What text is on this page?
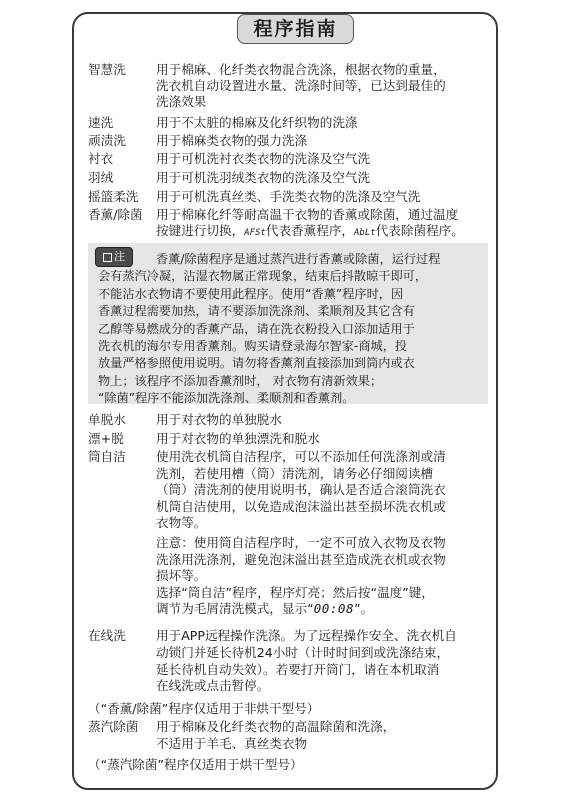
程序指南
智慧洗 用于棉麻、化纤类衣物混合洗涤，根据衣物的重量，
洗衣机自动设置进水量、洗涤时间等，已达到最佳的
洗涤效果
速洗	用于不太脏的棉麻及化纤织物的洗涤
顽渍洗 用于棉麻类衣物的强力洗涤
衬衣	用于可机洗衬衣类衣物的洗涤及空气洗
羽绒	用于可机洗羽绒类衣物的洗涤及空气洗
摇篮柔洗 用于可机洗真丝类、手洗类衣物的洗涤及空气洗
香薰/除菌 用于棉麻化纤等耐高温干衣物的香薰或除菌，通过温度
按键进行切换，AFSt代表香薰程序，AbLt代表除菌程序。
注	香薰/除菌程序是通过蒸汽进行香薰或除菌，运行过程
会有蒸汽冷凝，沾湿衣物属正常现象，结束后抖散晾干即可，
不能沾水衣物请不要使用此程序。使用“香薰”程序时，因
香薰过程需要加热，请不要添加洗涤剂、柔顺剂及其它含有
乙醇等易燃成分的香薰产品，请在洗衣粉投入口添加适用于
洗衣机的海尔专用香薰剂。购买请登录海尔智家-商城，投
放量严格参照使用说明。请勿将香薰剂直接添加到筒内或衣
物上；该程序不添加香薰剂时， 对衣物有清新效果；
“除菌”程序不能添加洗涤剂、柔顺剂和香薰剂。
单脱水 用于对衣物的单独脱水
漂+脱	用于对衣物的单独漂洗和脱水
筒自洁 使用洗衣机筒自洁程序，可以不添加任何洗涤剂或清
洗剂，若使用槽（筒）清洗剂，请务必仔细阅读槽
（筒）清洗剂的使用说明书，确认是否适合滚筒洗衣
机筒自洁使用，以免造成泡沫溢出甚至损坏洗衣机或
衣物等。
注意：使用筒自洁程序时，一定不可放入衣物及衣物
洗涤用洗涤剂，避免泡沫溢出甚至造成洗衣机或衣物
损坏等。
选择“筒自洁”程序，程序灯亮；然后按“温度”键，
调节为毛屑清洗模式，显示“00:08”。
在线洗 用于APP远程操作洗涤。为了远程操作安全、洗衣机自
动锁门并延长待机24小时（计时时间到或洗涤结束，
延长待机自动失效）。若要打开筒门，请在本机取消
在线洗或点击暂停。
（“香薰/除菌”程序仅适用于非烘干型号）
蒸汽除菌 用于棉麻及化纤类衣物的高温除菌和洗涤，
不适用于羊毛、真丝类衣物
（“蒸汽除菌”程序仅适用于烘干型号）
